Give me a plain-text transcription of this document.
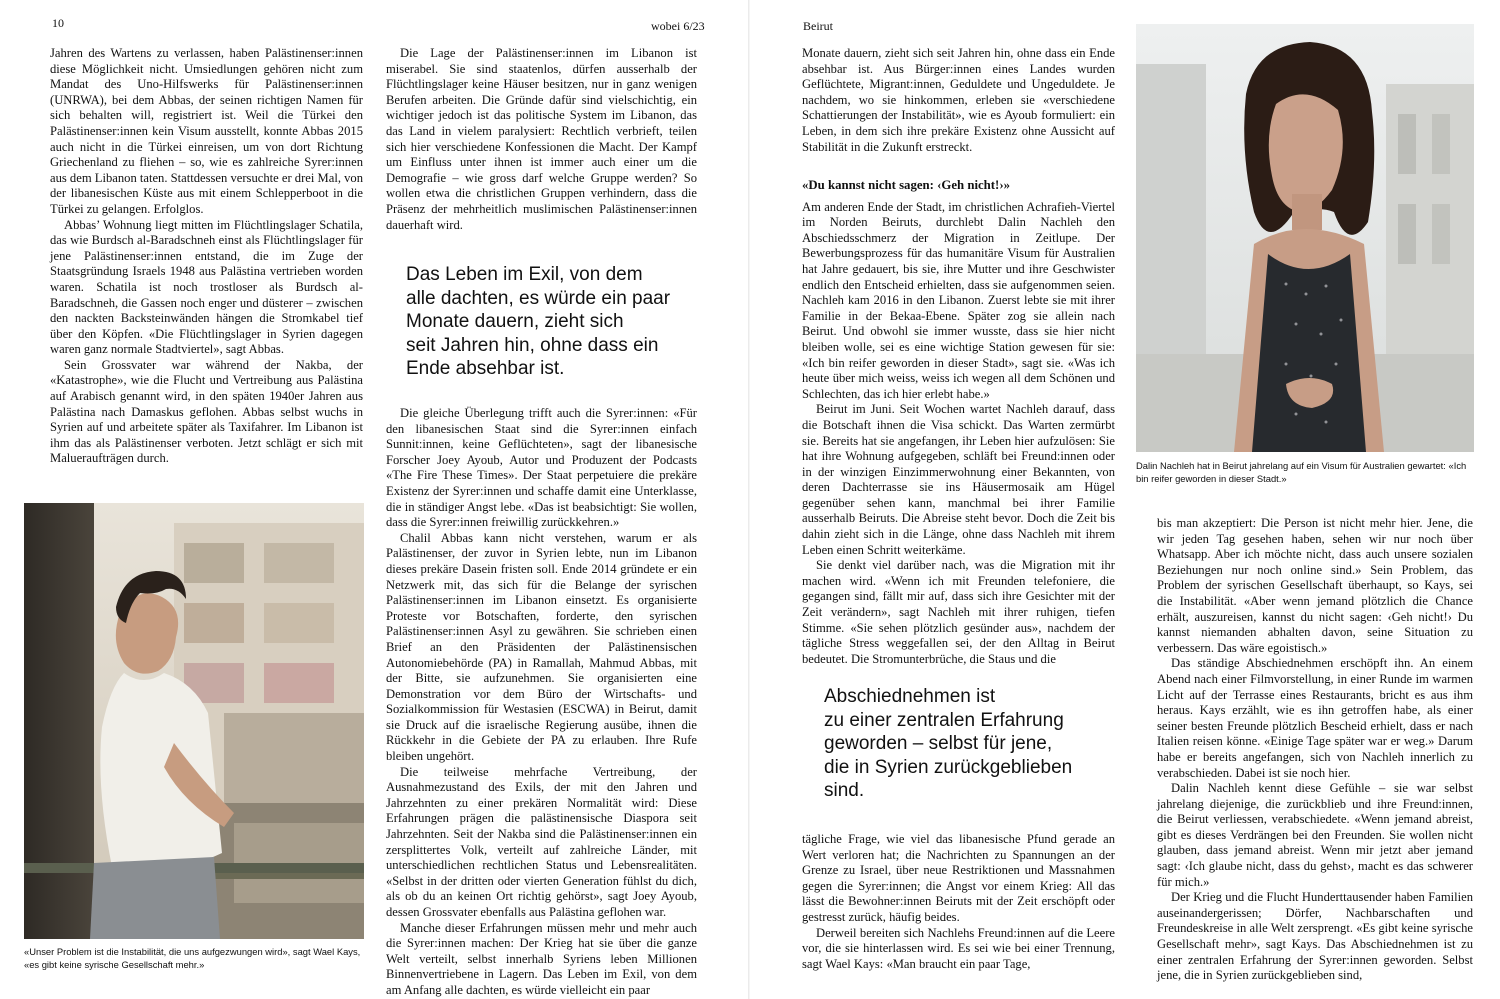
10	wobei 6/23

Jahren des Wartens zu verlassen, haben Palästinenser:innen diese Möglichkeit nicht. Umsiedlungen gehören nicht zum Mandat des Uno-Hilfswerks für Palästinenser:innen (UNRWA), bei dem Abbas, der seinen richtigen Namen für sich behalten will, registriert ist. Weil die Türkei den Palästinenser:innen kein Visum ausstellt, konnte Abbas 2015 auch nicht in die Türkei einreisen, um von dort Richtung Griechenland zu fliehen – so, wie es zahlreiche Syrer:innen aus dem Libanon taten. Stattdessen versuchte er drei Mal, von der libanesischen Küste aus mit einem Schlepperboot in die Türkei zu gelangen. Erfolglos.

Abbas’ Wohnung liegt mitten im Flüchtlingslager Schatila, das wie Burdsch al-Baradschneh einst als Flüchtlingslager für jene Palästinenser:innen entstand, die im Zuge der Staatsgründung Israels 1948 aus Palästina vertrieben worden waren. Schatila ist noch trostloser als Burdsch al-Baradschneh, die Gassen noch enger und düsterer – zwischen den nackten Backsteinwänden hängen die Stromkabel tief über den Köpfen. «Die Flüchtlingslager in Syrien dagegen waren ganz normale Stadtviertel», sagt Abbas.

Sein Grossvater war während der Nakba, der «Katastrophe», wie die Flucht und Vertreibung aus Palästina auf Arabisch genannt wird, in den späten 1940er Jahren aus Palästina nach Damaskus geflohen. Abbas selbst wuchs in Syrien auf und arbeitete später als Taxifahrer. Im Libanon ist ihm das als Palästinenser verboten. Jetzt schlägt er sich mit Malueraufträgen durch.

«Unser Problem ist die Instabilität, die uns aufgezwungen wird», sagt Wael Kays, «es gibt keine syrische Gesellschaft mehr.»

Die Lage der Palästinenser:innen im Libanon ist miserabel. Sie sind staatenlos, dürfen ausserhalb der Flüchtlingslager keine Häuser besitzen, nur in ganz wenigen Berufen arbeiten. Die Gründe dafür sind vielschichtig, ein wichtiger jedoch ist das politische System im Libanon, das das Land in vielem paralysiert: Rechtlich verbrieft, teilen sich hier verschiedene Konfessionen die Macht. Der Kampf um Einfluss unter ihnen ist immer auch einer um die Demografie – wie gross darf welche Gruppe werden? So wollen etwa die christlichen Gruppen verhindern, dass die Präsenz der mehrheitlich muslimischen Palästinenser:innen dauerhaft wird.

Das Leben im Exil, von dem
alle dachten, es würde ein paar
Monate dauern, zieht sich
seit Jahren hin, ohne dass ein
Ende absehbar ist.

Die gleiche Überlegung trifft auch die Syrer:innen: «Für den libanesischen Staat sind die Syrer:innen einfach Sunnit:innen, keine Geflüchteten», sagt der libanesische Forscher Joey Ayoub, Autor und Produzent der Podcasts «The Fire These Times». Der Staat perpetuiere die prekäre Existenz der Syrer:innen und schaffe damit eine Unterklasse, die in ständiger Angst lebe. «Das ist beabsichtigt: Sie wollen, dass die Syrer:innen freiwillig zurückkehren.»

Chalil Abbas kann nicht verstehen, warum er als Palästinenser, der zuvor in Syrien lebte, nun im Libanon dieses prekäre Dasein fristen soll. Ende 2014 gründete er ein Netzwerk mit, das sich für die Belange der syrischen Palästinenser:innen im Libanon einsetzt. Es organisierte Proteste vor Botschaften, forderte, den syrischen Palästinenser:innen Asyl zu gewähren. Sie schrieben einen Brief an den Präsidenten der Palästinensischen Autonomiebehörde (PA) in Ramallah, Mahmud Abbas, mit der Bitte, sie aufzunehmen. Sie organisierten eine Demonstration vor dem Büro der Wirtschafts- und Sozialkommission für Westasien (ESCWA) in Beirut, damit sie Druck auf die israelische Regierung ausübe, ihnen die Rückkehr in die Gebiete der PA zu erlauben. Ihre Rufe bleiben ungehört.

Die teilweise mehrfache Vertreibung, der Ausnahmezustand des Exils, der mit den Jahren und Jahrzehnten zu einer prekären Normalität wird: Diese Erfahrungen prägen die palästinensische Diaspora seit Jahrzehnten. Seit der Nakba sind die Palästinenser:innen ein zersplittertes Volk, verteilt auf zahlreiche Länder, mit unterschiedlichen rechtlichen Status und Lebensrealitäten. «Selbst in der dritten oder vierten Generation fühlst du dich, als ob du an keinen Ort richtig gehörst», sagt Joey Ayoub, dessen Grossvater ebenfalls aus Palästina geflohen war.

Manche dieser Erfahrungen müssen mehr und mehr auch die Syrer:innen machen: Der Krieg hat sie über die ganze Welt verteilt, selbst innerhalb Syriens leben Millionen Binnenvertriebene in Lagern. Das Leben im Exil, von dem am Anfang alle dachten, es würde vielleicht ein paar

Beirut

Monate dauern, zieht sich seit Jahren hin, ohne dass ein Ende absehbar ist. Aus Bürger:innen eines Landes wurden Geflüchtete, Migrant:innen, Geduldete und Ungeduldete. Je nachdem, wo sie hinkommen, erleben sie «verschiedene Schattierungen der Instabilität», wie es Ayoub formuliert: ein Leben, in dem sich ihre prekäre Existenz ohne Aussicht auf Stabilität in die Zukunft erstreckt.

«Du kannst nicht sagen: ‹Geh nicht!›»

Am anderen Ende der Stadt, im christlichen Achrafieh-Viertel im Norden Beiruts, durchlebt Dalin Nachleh den Abschiedsschmerz der Migration in Zeitlupe. Der Bewerbungsprozess für das humanitäre Visum für Australien hat Jahre gedauert, bis sie, ihre Mutter und ihre Geschwister endlich den Entscheid erhielten, dass sie aufgenommen seien. Nachleh kam 2016 in den Libanon. Zuerst lebte sie mit ihrer Familie in der Bekaa-Ebene. Später zog sie allein nach Beirut. Und obwohl sie immer wusste, dass sie hier nicht bleiben wolle, sei es eine wichtige Station gewesen für sie: «Ich bin reifer geworden in dieser Stadt», sagt sie. «Was ich heute über mich weiss, weiss ich wegen all dem Schönen und Schlechten, das ich hier erlebt habe.»

Beirut im Juni. Seit Wochen wartet Nachleh darauf, dass die Botschaft ihnen die Visa schickt. Das Warten zermürbt sie. Bereits hat sie angefangen, ihr Leben hier aufzulösen: Sie hat ihre Wohnung aufgegeben, schläft bei Freund:innen oder in der winzigen Einzimmerwohnung einer Bekannten, von deren Dachterrasse sie ins Häusermosaik am Hügel gegenüber sehen kann, manchmal bei ihrer Familie ausserhalb Beiruts. Die Abreise steht bevor. Doch die Zeit bis dahin zieht sich in die Länge, ohne dass Nachleh mit ihrem Leben einen Schritt weiterkäme.

Sie denkt viel darüber nach, was die Migration mit ihr machen wird. «Wenn ich mit Freunden telefoniere, die gegangen sind, fällt mir auf, dass sich ihre Gesichter mit der Zeit verändern», sagt Nachleh mit ihrer ruhigen, tiefen Stimme. «Sie sehen plötzlich gesünder aus», nachdem der tägliche Stress weggefallen sei, der den Alltag in Beirut bedeutet. Die Stromunterbrüche, die Staus und die

Abschiednehmen ist
zu einer zentralen Erfahrung
geworden – selbst für jene,
die in Syrien zurückgeblieben
sind.

tägliche Frage, wie viel das libanesische Pfund gerade an Wert verloren hat; die Nachrichten zu Spannungen an der Grenze zu Israel, über neue Restriktionen und Massnahmen gegen die Syrer:innen; die Angst vor einem Krieg: All das lässt die Bewohner:innen Beiruts mit der Zeit erschöpft oder gestresst zurück, häufig beides.

Derweil bereiten sich Nachlehs Freund:innen auf die Leere vor, die sie hinterlassen wird. Es sei wie bei einer Trennung, sagt Wael Kays: «Man braucht ein paar Tage,

Dalin Nachleh hat in Beirut jahrelang auf ein Visum für Australien gewartet: «Ich bin reifer geworden in dieser Stadt.»

bis man akzeptiert: Die Person ist nicht mehr hier. Jene, die wir jeden Tag gesehen haben, sehen wir nur noch über Whatsapp. Aber ich möchte nicht, dass auch unsere sozialen Beziehungen nur noch online sind.» Sein Problem, das Problem der syrischen Gesellschaft überhaupt, so Kays, sei die Instabilität. «Aber wenn jemand plötzlich die Chance erhält, auszureisen, kannst du nicht sagen: ‹Geh nicht!› Du kannst niemanden abhalten davon, seine Situation zu verbessern. Das wäre egoistisch.»

Das ständige Abschiednehmen erschöpft ihn. An einem Abend nach einer Filmvorstellung, in einer Runde im warmen Licht auf der Terrasse eines Restaurants, bricht es aus ihm heraus. Kays erzählt, wie es ihn getroffen habe, als einer seiner besten Freunde plötzlich Bescheid erhielt, dass er nach Italien reisen könne. «Einige Tage später war er weg.» Darum habe er bereits angefangen, sich von Nachleh innerlich zu verabschieden. Dabei ist sie noch hier.

Dalin Nachleh kennt diese Gefühle – sie war selbst jahrelang diejenige, die zurückblieb und ihre Freund:innen, die Beirut verliessen, verabschiedete. «Wenn jemand abreist, gibt es dieses Verdrängen bei den Freunden. Sie wollen nicht glauben, dass jemand abreist. Wenn mir jetzt aber jemand sagt: ‹Ich glaube nicht, dass du gehst›, macht es das schwerer für mich.»

Der Krieg und die Flucht Hunderttausender haben Familien auseinandergerissen; Dörfer, Nachbarschaften und Freundeskreise in alle Welt zersprengt. «Es gibt keine syrische Gesellschaft mehr», sagt Kays. Das Abschiednehmen ist zu einer zentralen Erfahrung der Syrer:innen geworden. Selbst jene, die in Syrien zurückgeblieben sind,
